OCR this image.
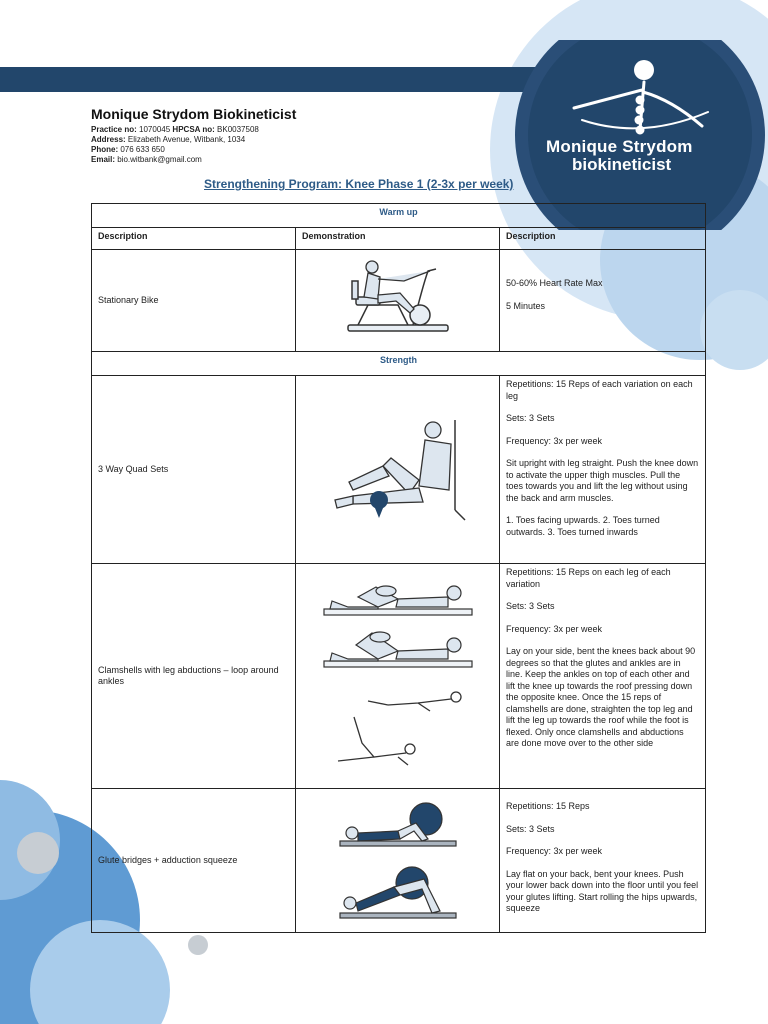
Monique Strydom
biokineticist
Monique Strydom Biokineticist
Practice no: 1070045 HPCSA no: BK0037508
Address: Elizabeth Avenue, Witbank, 1034
Phone: 076 633 650
Email: bio.witbank@gmail.com
Strengthening Program: Knee Phase 1 (2-3x per week)
Warm up		
Description	Demonstration	Description
Stationary Bike		50-60% Heart Rate Max

5 Minutes

Strength		
3 Way Quad Sets		Repetitions: 15 Reps of each variation on each leg

Sets: 3 Sets

Frequency: 3x per week

Sit upright with leg straight. Push the knee down to activate the upper thigh muscles. Pull the toes towards you and lift the leg without using the back and arm muscles.

1. Toes facing upwards. 2. Toes turned outwards. 3. Toes turned inwards

Clamshells with leg abductions – loop around ankles		Repetitions: 15 Reps on each leg of each variation

Sets: 3 Sets

Frequency: 3x per week

Lay on your side, bent the knees back about 90 degrees so that the glutes and ankles are in line. Keep the ankles on top of each other and lift the knee up towards the roof pressing down the opposite knee. Once the 15 reps of clamshells are done, straighten the top leg and lift the leg up towards the roof while the foot is flexed. Only once clamshells and abductions are done move over to the other side

Glute bridges + adduction squeeze		Repetitions: 15 Reps

Sets: 3 Sets

Frequency: 3x per week

Lay flat on your back, bent your knees. Push your lower back down into the floor until you feel your glutes lifting. Start rolling the hips upwards, squeeze
